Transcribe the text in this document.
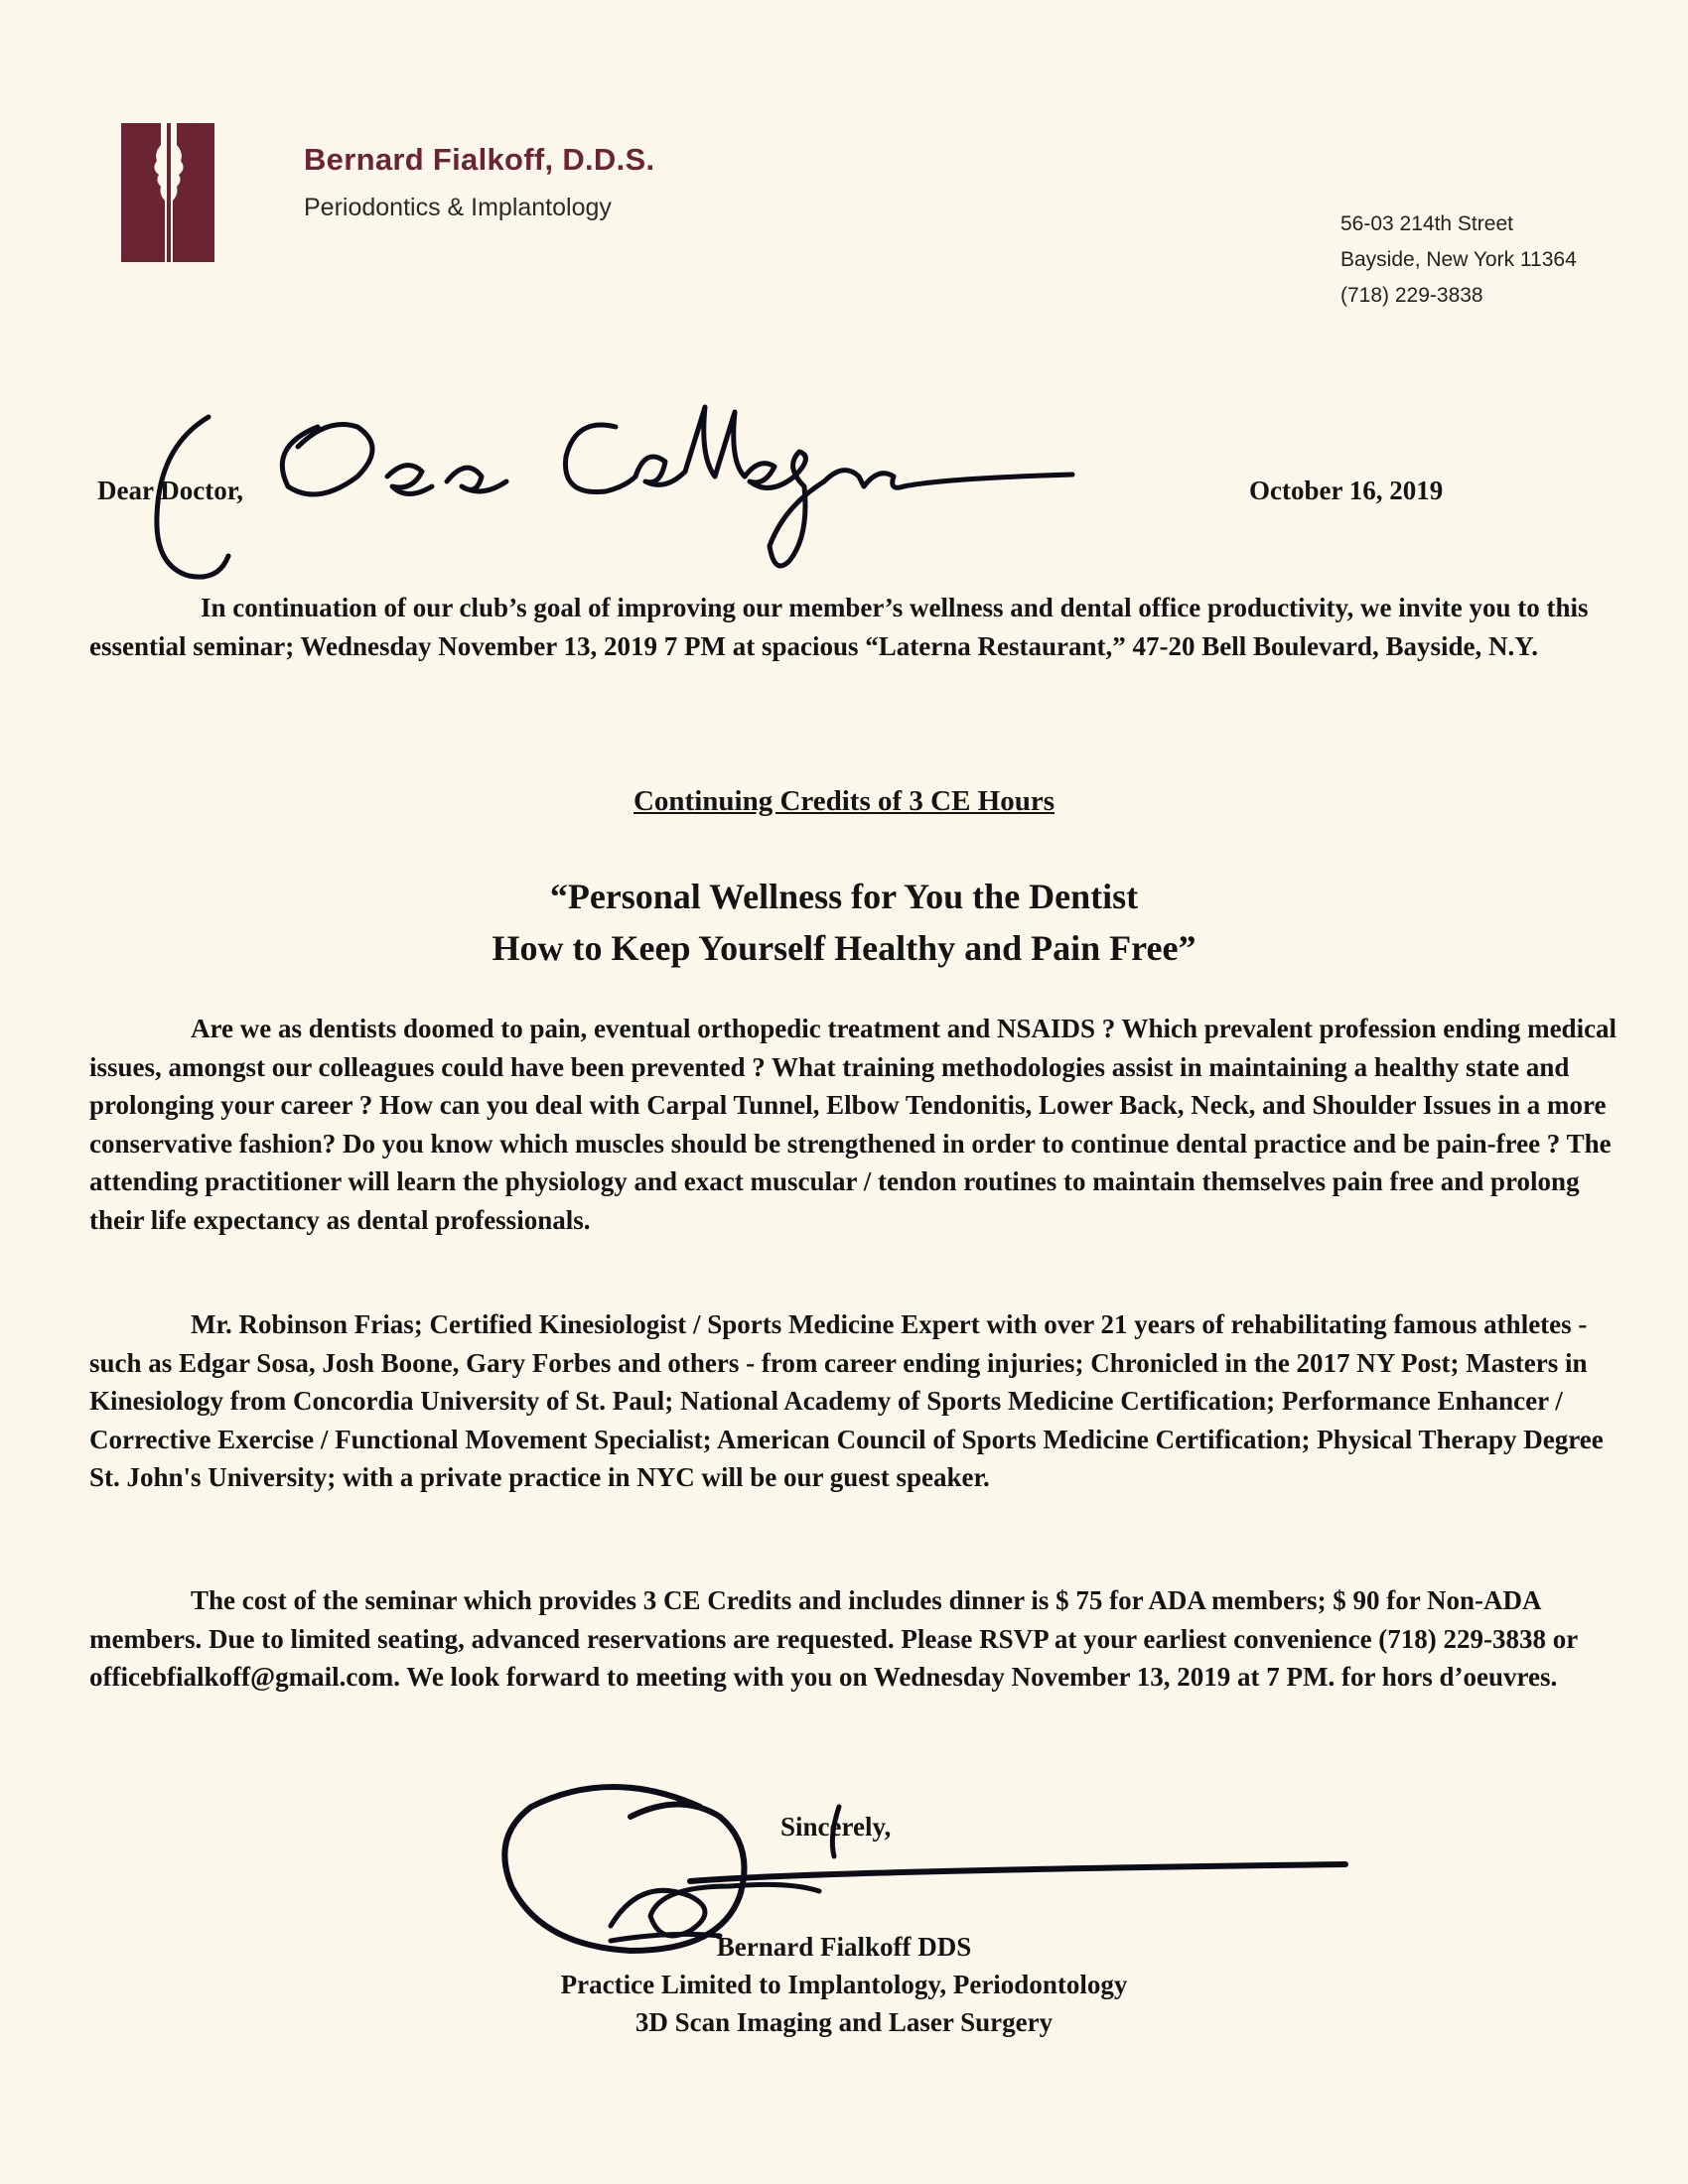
Bernard Fialkoff, D.D.S.
Periodontics & Implantology
56-03 214th Street
Bayside, New York 11364
(718) 229-3838
Dear Doctor,	October 16, 2019

In continuation of our club’s goal of improving our member’s wellness and dental office productivity, we invite you to this essential seminar; Wednesday November 13, 2019 7 PM at spacious “Laterna Restaurant,” 47-20 Bell Boulevard, Bayside, N.Y.

Continuing Credits of 3 CE Hours
“Personal Wellness for You the Dentist
How to Keep Yourself Healthy and Pain Free”

Are we as dentists doomed to pain, eventual orthopedic treatment and NSAIDS ? Which prevalent profession ending medical issues, amongst our colleagues could have been prevented ? What training methodologies assist in maintaining a healthy state and prolonging your career ? How can you deal with Carpal Tunnel, Elbow Tendonitis, Lower Back, Neck, and Shoulder Issues in a more conservative fashion? Do you know which muscles should be strengthened in order to continue dental practice and be pain-free ? The attending practitioner will learn the physiology and exact muscular / tendon routines to maintain themselves pain free and prolong their life expectancy as dental professionals.

Mr. Robinson Frias; Certified Kinesiologist / Sports Medicine Expert with over 21 years of rehabilitating famous athletes - such as Edgar Sosa, Josh Boone, Gary Forbes and others - from career ending injuries; Chronicled in the 2017 NY Post; Masters in Kinesiology from Concordia University of St. Paul; National Academy of Sports Medicine Certification; Performance Enhancer / Corrective Exercise / Functional Movement Specialist; American Council of Sports Medicine Certification; Physical Therapy Degree St. John's University; with a private practice in NYC will be our guest speaker.

The cost of the seminar which provides 3 CE Credits and includes dinner is $ 75 for ADA members; $ 90 for Non-ADA members. Due to limited seating, advanced reservations are requested. Please RSVP at your earliest convenience (718) 229-3838 or officebfialkoff@gmail.com. We look forward to meeting with you on Wednesday November 13, 2019 at 7 PM. for hors d’oeuvres.

Sincerely,
Bernard Fialkoff DDS
Practice Limited to Implantology, Periodontology
3D Scan Imaging and Laser Surgery
